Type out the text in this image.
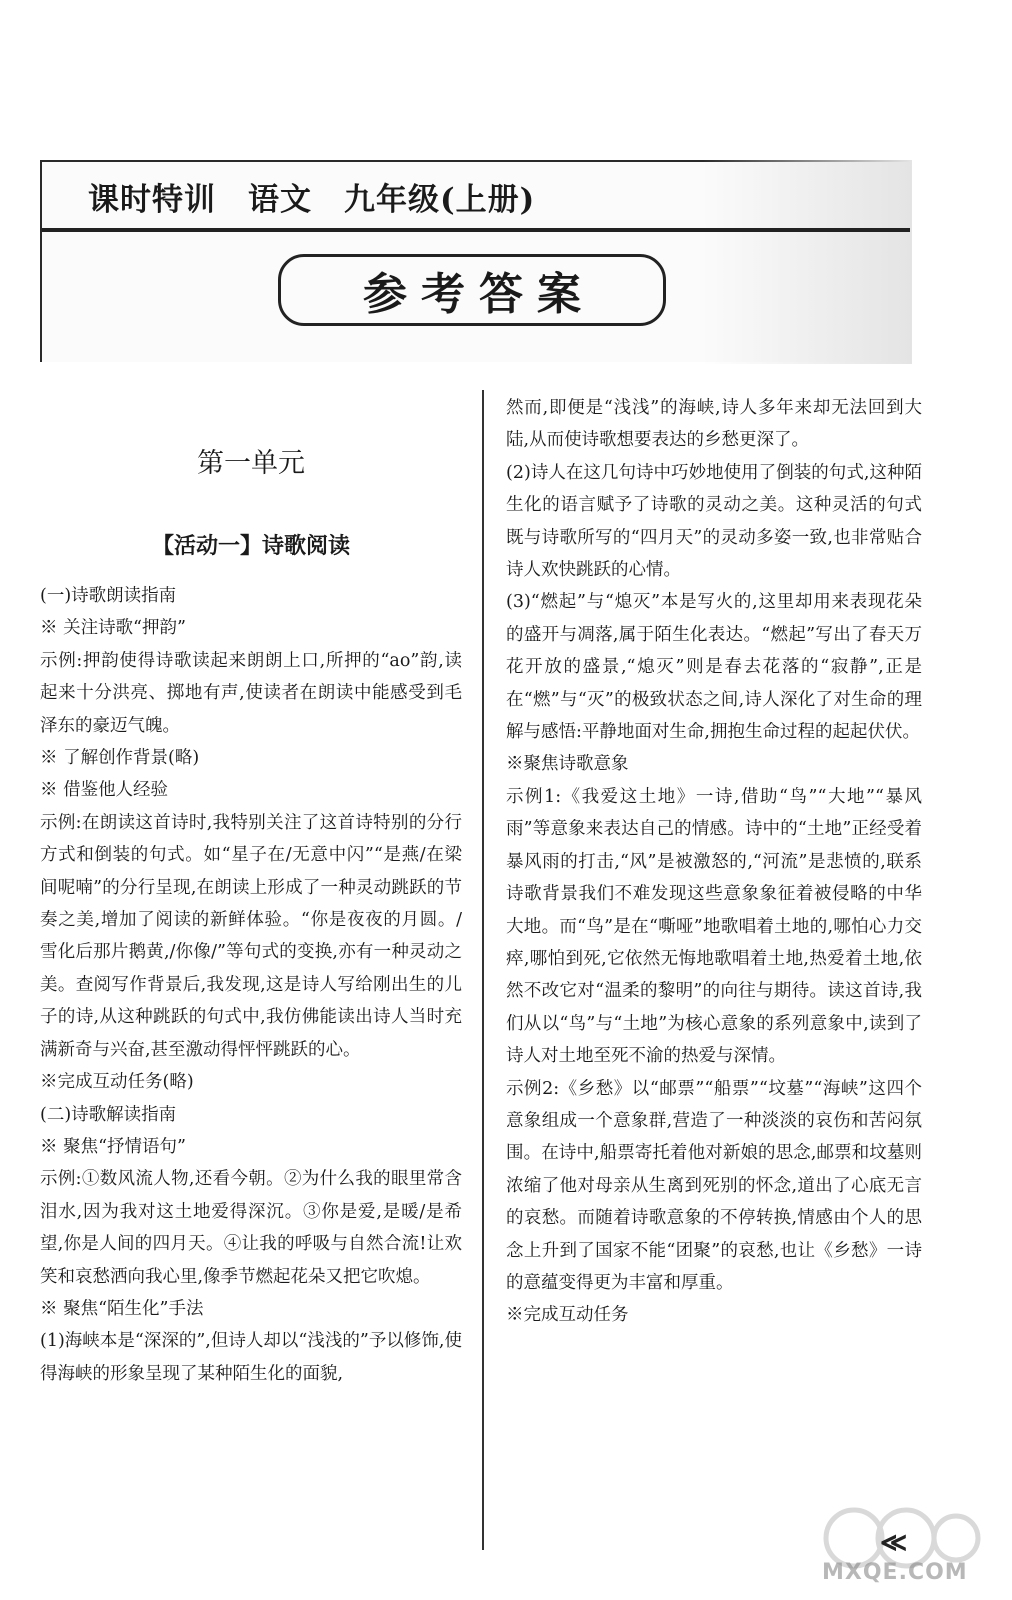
课时特训　语文　九年级(上册)
参考答案
第一单元
【活动一】诗歌阅读

(一)诗歌朗读指南

※ 关注诗歌“押韵”

示例:押韵使得诗歌读起来朗朗上口,所押的“ao”韵,读起来十分洪亮、掷地有声,使读者在朗读中能感受到毛泽东的豪迈气魄。

※ 了解创作背景(略)

※ 借鉴他人经验

示例:在朗读这首诗时,我特别关注了这首诗特别的分行方式和倒装的句式。如“星子在/无意中闪”“是燕/在梁间呢喃”的分行呈现,在朗读上形成了一种灵动跳跃的节奏之美,增加了阅读的新鲜体验。“你是夜夜的月圆。/雪化后那片鹅黄,/你像/”等句式的变换,亦有一种灵动之美。查阅写作背景后,我发现,这是诗人写给刚出生的儿子的诗,从这种跳跃的句式中,我仿佛能读出诗人当时充满新奇与兴奋,甚至激动得怦怦跳跃的心。

※完成互动任务(略)

(二)诗歌解读指南

※ 聚焦“抒情语句”

示例:①数风流人物,还看今朝。②为什么我的眼里常含泪水,因为我对这土地爱得深沉。③你是爱,是暖/是希望,你是人间的四月天。④让我的呼吸与自然合流!让欢笑和哀愁洒向我心里,像季节燃起花朵又把它吹熄。

※ 聚焦“陌生化”手法

(1)海峡本是“深深的”,但诗人却以“浅浅的”予以修饰,使得海峡的形象呈现了某种陌生化的面貌,

然而,即便是“浅浅”的海峡,诗人多年来却无法回到大陆,从而使诗歌想要表达的乡愁更深了。

(2)诗人在这几句诗中巧妙地使用了倒装的句式,这种陌生化的语言赋予了诗歌的灵动之美。这种灵活的句式既与诗歌所写的“四月天”的灵动多姿一致,也非常贴合诗人欢快跳跃的心情。

(3)“燃起”与“熄灭”本是写火的,这里却用来表现花朵的盛开与凋落,属于陌生化表达。“燃起”写出了春天万花开放的盛景,“熄灭”则是春去花落的“寂静”,正是在“燃”与“灭”的极致状态之间,诗人深化了对生命的理解与感悟:平静地面对生命,拥抱生命过程的起起伏伏。

※聚焦诗歌意象

示例1:《我爱这土地》一诗,借助“鸟”“大地”“暴风雨”等意象来表达自己的情感。诗中的“土地”正经受着暴风雨的打击,“风”是被激怒的,“河流”是悲愤的,联系诗歌背景我们不难发现这些意象象征着被侵略的中华大地。而“鸟”是在“嘶哑”地歌唱着土地的,哪怕心力交瘁,哪怕到死,它依然无悔地歌唱着土地,热爱着土地,依然不改它对“温柔的黎明”的向往与期待。读这首诗,我们从以“鸟”与“土地”为核心意象的系列意象中,读到了诗人对土地至死不渝的热爱与深情。

示例2:《乡愁》以“邮票”“船票”“坟墓”“海峡”这四个意象组成一个意象群,营造了一种淡淡的哀伤和苦闷氛围。在诗中,船票寄托着他对新娘的思念,邮票和坟墓则浓缩了他对母亲从生离到死别的怀念,道出了心底无言的哀愁。而随着诗歌意象的不停转换,情感由个人的思念上升到了国家不能“团聚”的哀愁,也让《乡愁》一诗的意蕴变得更为丰富和厚重。

※完成互动任务

MXQE.COM
≪
